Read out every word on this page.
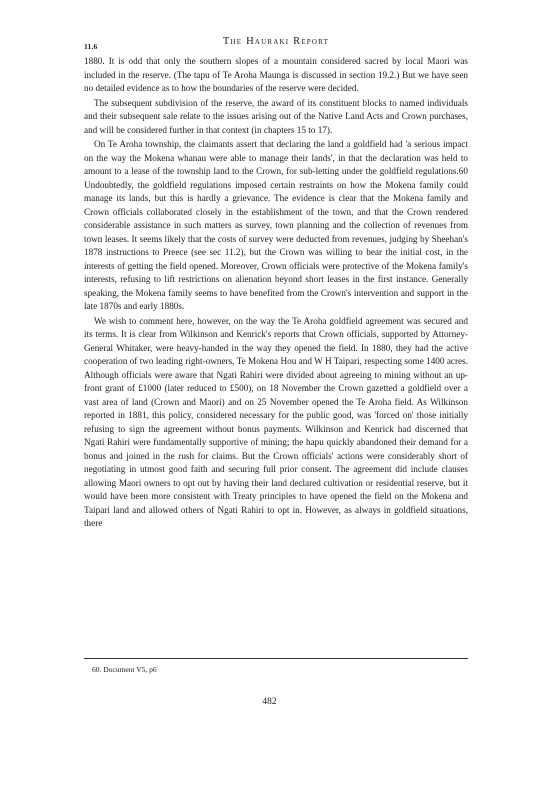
11.6	The Hauraki Report

1880. It is odd that only the southern slopes of a mountain considered sacred by local Maori was included in the reserve. (The tapu of Te Aroha Maunga is discussed in section 19.2.) But we have seen no detailed evidence as to how the boundaries of the reserve were decided.

The subsequent subdivision of the reserve, the award of its constituent blocks to named individuals and their subsequent sale relate to the issues arising out of the Native Land Acts and Crown purchases, and will be considered further in that context (in chapters 15 to 17).

On Te Aroha township, the claimants assert that declaring the land a goldfield had 'a serious impact on the way the Mokena whanau were able to manage their lands', in that the declaration was held to amount to a lease of the township land to the Crown, for sub-letting under the goldfield regulations.60 Undoubtedly, the goldfield regulations imposed certain restraints on how the Mokena family could manage its lands, but this is hardly a grievance. The evidence is clear that the Mokena family and Crown officials collaborated closely in the establishment of the town, and that the Crown rendered considerable assistance in such matters as survey, town planning and the collection of revenues from town leases. It seems likely that the costs of survey were deducted from revenues, judging by Sheehan's 1878 instructions to Preece (see sec 11.2), but the Crown was willing to bear the initial cost, in the interests of getting the field opened. Moreover, Crown officials were protective of the Mokena family's interests, refusing to lift restrictions on alienation beyond short leases in the first instance. Generally speaking, the Mokena family seems to have benefited from the Crown's intervention and support in the late 1870s and early 1880s.

We wish to comment here, however, on the way the Te Aroha goldfield agreement was secured and its terms. It is clear from Wilkinson and Kenrick's reports that Crown officials, supported by Attorney-General Whitaker, were heavy-handed in the way they opened the field. In 1880, they had the active cooperation of two leading right-owners, Te Mokena Hou and W H Taipari, respecting some 1400 acres. Although officials were aware that Ngati Rahiri were divided about agreeing to mining without an up-front grant of £1000 (later reduced to £500), on 18 November the Crown gazetted a goldfield over a vast area of land (Crown and Maori) and on 25 November opened the Te Aroha field. As Wilkinson reported in 1881, this policy, considered necessary for the public good, was 'forced on' those initially refusing to sign the agreement without bonus payments. Wilkinson and Kenrick had discerned that Ngati Rahiri were fundamentally supportive of mining; the hapu quickly abandoned their demand for a bonus and joined in the rush for claims. But the Crown officials' actions were considerably short of negotiating in utmost good faith and securing full prior consent. The agreement did include clauses allowing Maori owners to opt out by having their land declared cultivation or residential reserve, but it would have been more consistent with Treaty principles to have opened the field on the Mokena and Taipari land and allowed others of Ngati Rahiri to opt in. However, as always in goldfield situations, there

60. Document V5, p6
482
